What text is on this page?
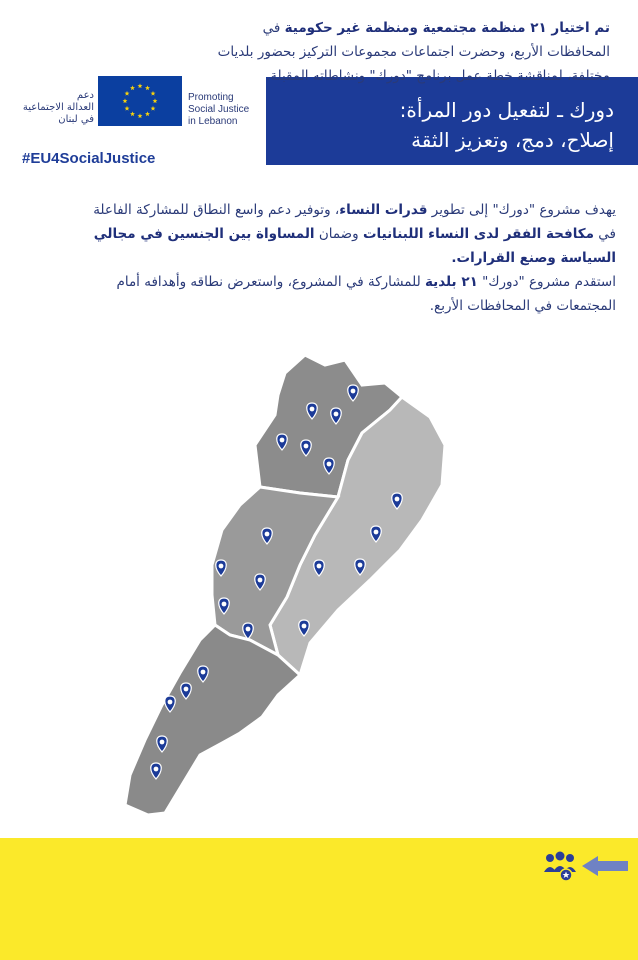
دعم
العدالة الاجتماعية
في لبنان
Promoting
Social Justice
in Lebanon
#EU4SocialJustice
دورك ـ لتفعيل دور المرأة:
إصلاح، دمج، وتعزيز الثقة
يهدف مشروع "دورك" إلى تطوير قدرات النساء، وتوفير دعم واسع النطاق للمشاركة الفاعلة
في مكافحة الفقر لدى النساء اللبنانيات وضمان المساواة بين الجنسين في مجالي
السياسة وصنع القرارات.
استقدم مشروع "دورك" ٢١ بلدية للمشاركة في المشروع، واستعرض نطاقه وأهدافه أمام
المجتمعات في المحافظات الأربع.
تم اختيار ٢١ منظمة مجتمعية ومنظمة غير حكومية في
المحافظات الأربع، وحضرت اجتماعات مجموعات التركيز بحضور بلديات
مختلفة، لمناقشة خطة عمل برنامج "دورك" ونشاطاته المقبلة.
